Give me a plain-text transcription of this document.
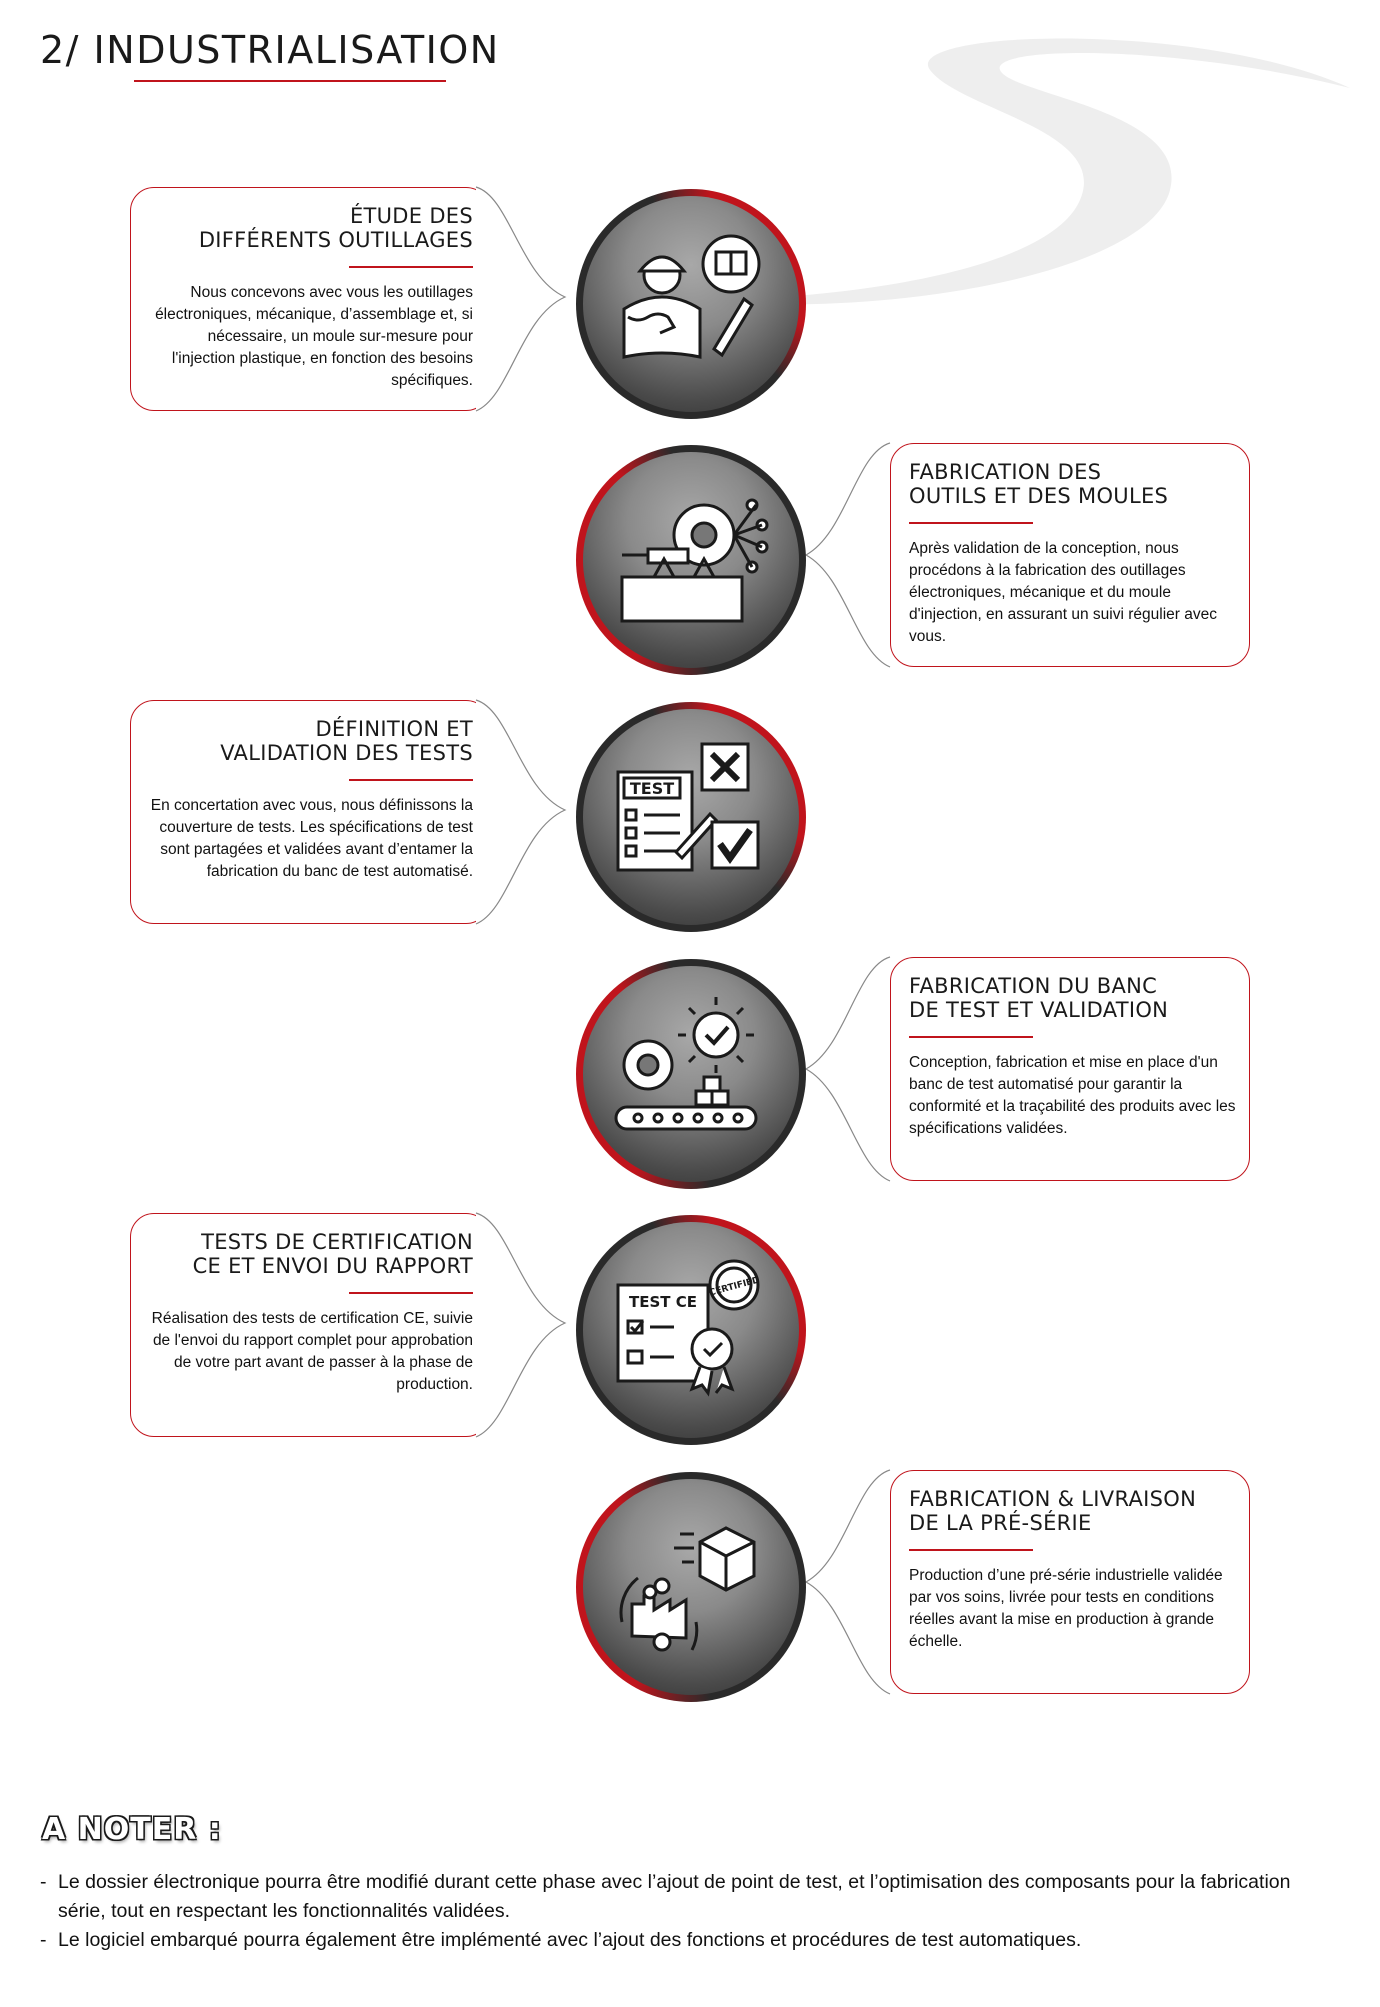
2/ INDUSTRIALISATION
ÉTUDE DES
DIFFÉRENTS OUTILLAGES

Nous concevons avec vous les outillages électroniques, mécanique, d’assemblage et, si nécessaire, un moule sur-mesure pour l'injection plastique, en fonction des besoins spécifiques.

FABRICATION DES
OUTILS ET DES MOULES

Après validation de la conception, nous procédons à la fabrication des outillages électroniques, mécanique et du moule d'injection, en assurant un suivi régulier avec vous.

DÉFINITION ET
VALIDATION DES TESTS

En concertation avec vous, nous définissons la couverture de tests. Les spécifications de test sont partagées et validées avant d’entamer la fabrication du banc de test automatisé.

TEST
FABRICATION DU BANC
DE TEST ET VALIDATION

Conception, fabrication et mise en place d'un banc de test automatisé pour garantir la conformité et la traçabilité des produits avec les spécifications validées.

TESTS DE CERTIFICATION
CE ET ENVOI DU RAPPORT

Réalisation des tests de certification CE, suivie de l'envoi du rapport complet pour approbation de votre part avant de passer à la phase de production.

TEST CE
CERTIFIED
FABRICATION & LIVRAISON
DE LA PRÉ-SÉRIE

Production d’une pré-série industrielle validée par vos soins, livrée pour tests en conditions réelles avant la mise en production à grande échelle.

A NOTER :
- Le dossier électronique pourra être modifié durant cette phase avec l’ajout de point de test, et l’optimisation des composants pour la fabrication série, tout en respectant les fonctionnalités validées.
- Le logiciel embarqué pourra également être implémenté avec l’ajout des fonctions et procédures de test automatiques.
